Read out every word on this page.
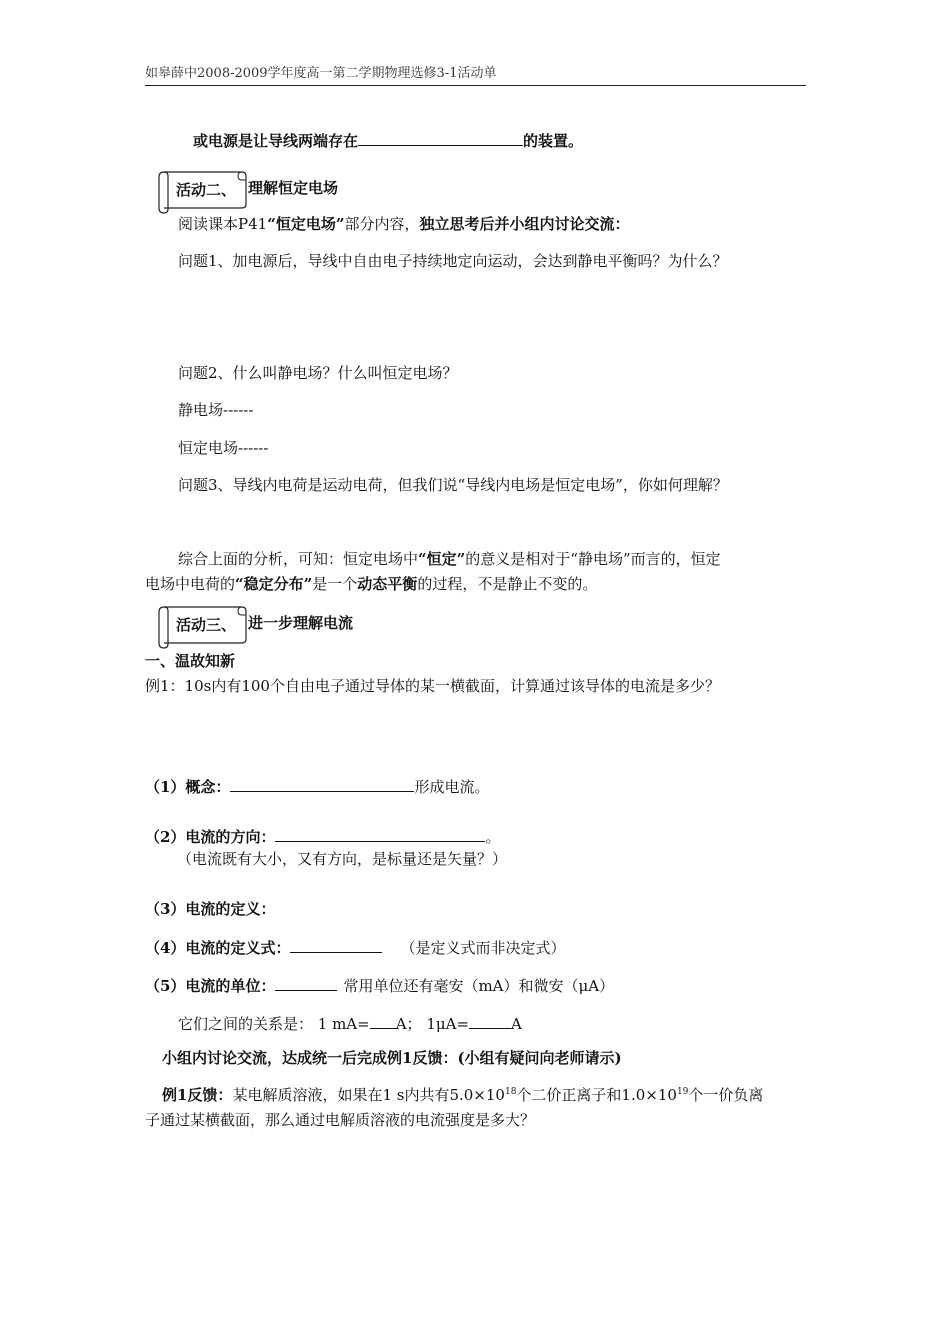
如皋薛中2008-2009学年度高一第二学期物理选修3-1活动单
或电源是让导线两端存在	的装置。
活动二、 理解恒定电场
阅读课本P41“恒定电场”部分内容，独立思考后并小组内讨论交流：
问题1、加电源后，导线中自由电子持续地定向运动，会达到静电平衡吗？为什么？
问题2、什么叫静电场？什么叫恒定电场？
静电场------
恒定电场------
问题3、导线内电荷是运动电荷，但我们说“导线内电场是恒定电场”，你如何理解？
综合上面的分析，可知：恒定电场中“恒定”的意义是相对于“静电场”而言的，恒定
电场中电荷的“稳定分布”是一个动态平衡的过程，不是静止不变的。
活动三、 进一步理解电流
一、温故知新
例1：10s内有100个自由电子通过导体的某一横截面，计算通过该导体的电流是多少？
（1）概念：	形成电流。
（2）电流的方向：	。
（电流既有大小，又有方向，是标量还是矢量？）
（3）电流的定义：
（4）电流的定义式：	（是定义式而非决定式）
（5）电流的单位：	常用单位还有毫安（mA）和微安（μA）
它们之间的关系是： 1 mA= A； 1μA=	A
小组内讨论交流，达成统一后完成例1反馈：(小组有疑问向老师请示)
例1反馈：某电解质溶液，如果在1 s内共有$5.0\times 10^{18}$个二价正离子和$1.0\times 10^{19}$个一价负离
子通过某横截面，那么通过电解质溶液的电流强度是多大？
